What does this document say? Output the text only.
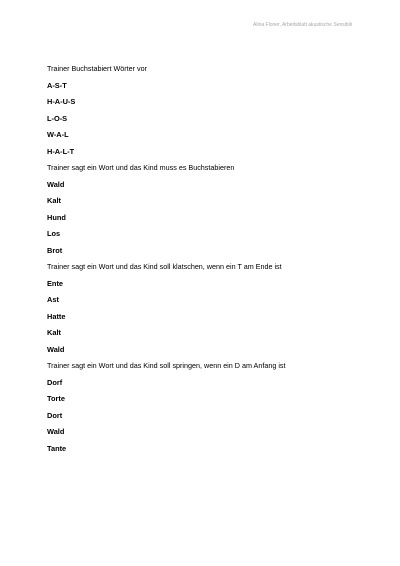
Alina Floner, Arbeitsblatt akustische Sensibili
Trainer Buchstabiert Wörter vor
A-S-T
H-A-U-S
L-O-S
W-A-L
H-A-L-T
Trainer sagt ein Wort und das Kind muss es Buchstabieren
Wald
Kalt
Hund
Los
Brot
Trainer sagt ein Wort und das Kind soll klatschen, wenn ein T am Ende ist
Ente
Ast
Hatte
Kalt
Wald
Trainer sagt ein Wort und das Kind soll springen, wenn ein D am Anfang ist
Dorf
Torte
Dort
Wald
Tante
